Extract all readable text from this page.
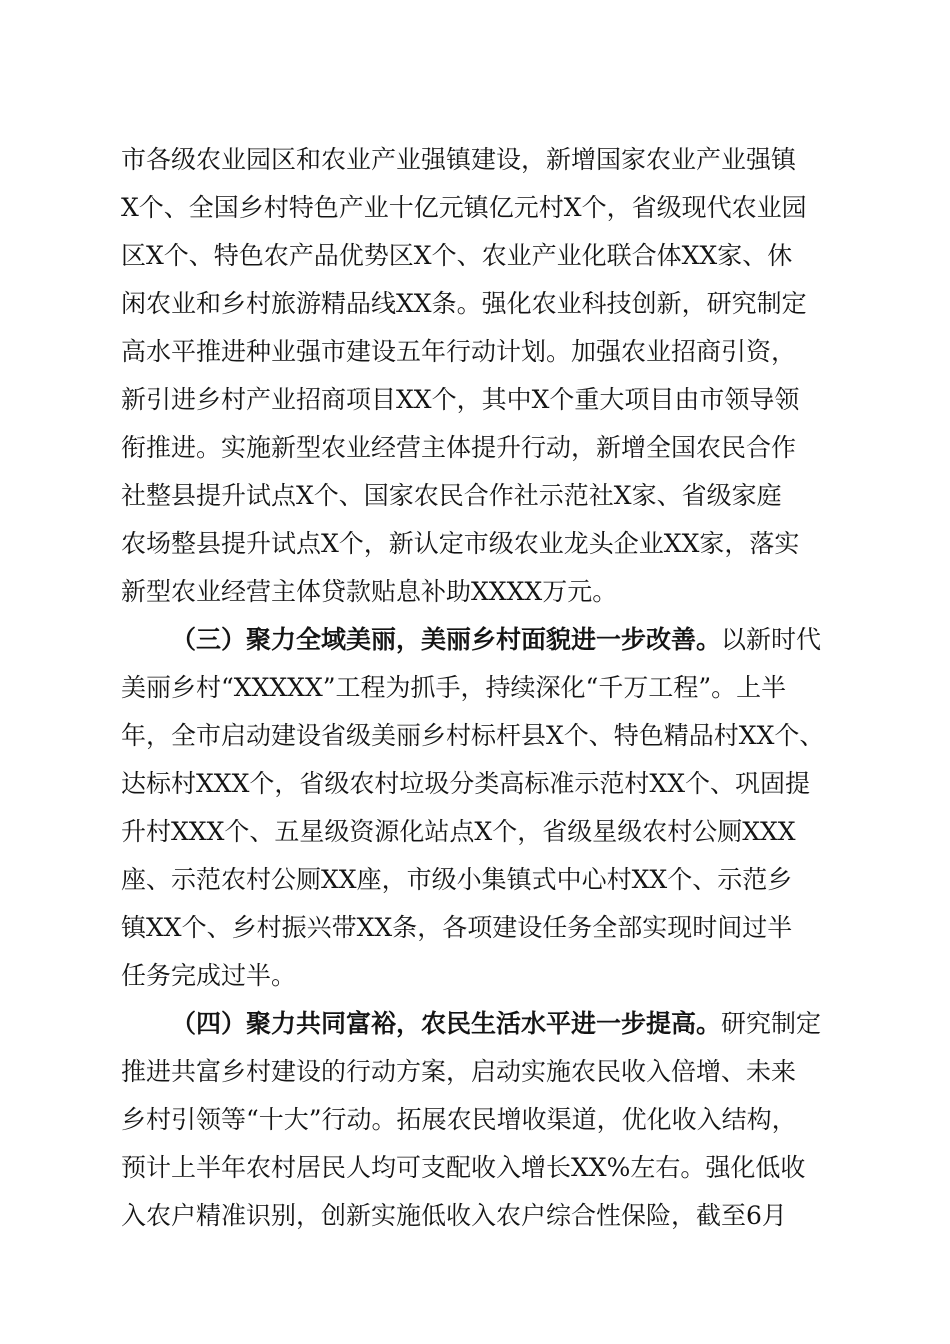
市各级农业园区和农业产业强镇建设，新增国家农业产业强镇

X个、全国乡村特色产业十亿元镇亿元村X个，省级现代农业园

区X个、特色农产品优势区X个、农业产业化联合体XX家、休

闲农业和乡村旅游精品线XX条。强化农业科技创新，研究制定

高水平推进种业强市建设五年行动计划。加强农业招商引资，

新引进乡村产业招商项目XX个，其中X个重大项目由市领导领

衔推进。实施新型农业经营主体提升行动，新增全国农民合作

社整县提升试点X个、国家农民合作社示范社X家、省级家庭

农场整县提升试点X个，新认定市级农业龙头企业XX家，落实

新型农业经营主体贷款贴息补助XXXX万元。

（三）聚力全域美丽，美丽乡村面貌进一步改善。以新时代

美丽乡村“XXXXX”工程为抓手，持续深化“千万工程”。上半

年，全市启动建设省级美丽乡村标杆县X个、特色精品村XX个、

达标村XXX个，省级农村垃圾分类高标准示范村XX个、巩固提

升村XXX个、五星级资源化站点X个，省级星级农村公厕XXX

座、示范农村公厕XX座，市级小集镇式中心村XX个、示范乡

镇XX个、乡村振兴带XX条，各项建设任务全部实现时间过半

任务完成过半。

（四）聚力共同富裕，农民生活水平进一步提高。研究制定

推进共富乡村建设的行动方案，启动实施农民收入倍增、未来

乡村引领等“十大”行动。拓展农民增收渠道，优化收入结构，

预计上半年农村居民人均可支配收入增长XX%左右。强化低收

入农户精准识别，创新实施低收入农户综合性保险，截至6月
